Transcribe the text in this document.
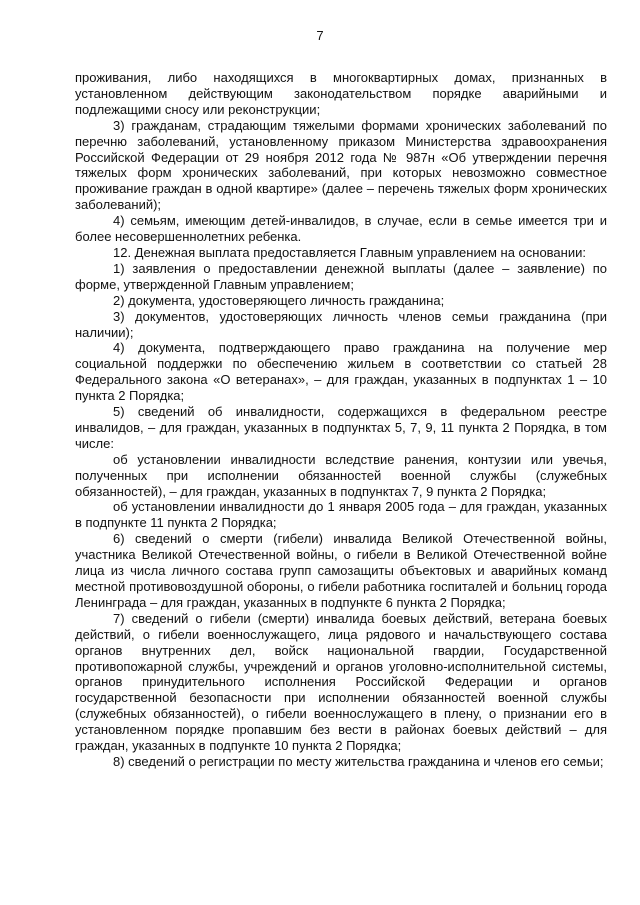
7

проживания, либо находящихся в многоквартирных домах, признанных в установленном действующим законодательством порядке аварийными и подлежащими сносу или реконструкции;

3) гражданам, страдающим тяжелыми формами хронических заболеваний по перечню заболеваний, установленному приказом Министерства здравоохранения Российской Федерации от 29 ноября 2012 года № 987н «Об утверждении перечня тяжелых форм хронических заболеваний, при которых невозможно совместное проживание граждан в одной квартире» (далее – перечень тяжелых форм хронических заболеваний);

4) семьям, имеющим детей-инвалидов, в случае, если в семье имеется три и более несовершеннолетних ребенка.

12. Денежная выплата предоставляется Главным управлением на основании:

1) заявления о предоставлении денежной выплаты (далее – заявление) по форме, утвержденной Главным управлением;

2) документа, удостоверяющего личность гражданина;

3) документов, удостоверяющих личность членов семьи гражданина (при наличии);

4) документа, подтверждающего право гражданина на получение мер социальной поддержки по обеспечению жильем в соответствии со статьей 28 Федерального закона «О ветеранах», – для граждан, указанных в подпунктах 1 – 10 пункта 2 Порядка;

5) сведений об инвалидности, содержащихся в федеральном реестре инвалидов, – для граждан, указанных в подпунктах 5, 7, 9, 11 пункта 2 Порядка, в том числе:

об установлении инвалидности вследствие ранения, контузии или увечья, полученных при исполнении обязанностей военной службы (служебных обязанностей), – для граждан, указанных в подпунктах 7, 9 пункта 2 Порядка;

об установлении инвалидности до 1 января 2005 года – для граждан, указанных в подпункте 11 пункта 2 Порядка;

6) сведений о смерти (гибели) инвалида Великой Отечественной войны, участника Великой Отечественной войны, о гибели в Великой Отечественной войне лица из числа личного состава групп самозащиты объектовых и аварийных команд местной противовоздушной обороны, о гибели работника госпиталей и больниц города Ленинграда – для граждан, указанных в подпункте 6 пункта 2 Порядка;

7) сведений о гибели (смерти) инвалида боевых действий, ветерана боевых действий, о гибели военнослужащего, лица рядового и начальствующего состава органов внутренних дел, войск национальной гвардии, Государственной противопожарной службы, учреждений и органов уголовно-исполнительной системы, органов принудительного исполнения Российской Федерации и органов государственной безопасности при исполнении обязанностей военной службы (служебных обязанностей), о гибели военнослужащего в плену, о признании его в установленном порядке пропавшим без вести в районах боевых действий – для граждан, указанных в подпункте 10 пункта 2 Порядка;

8) сведений о регистрации по месту жительства гражданина и членов его семьи;
